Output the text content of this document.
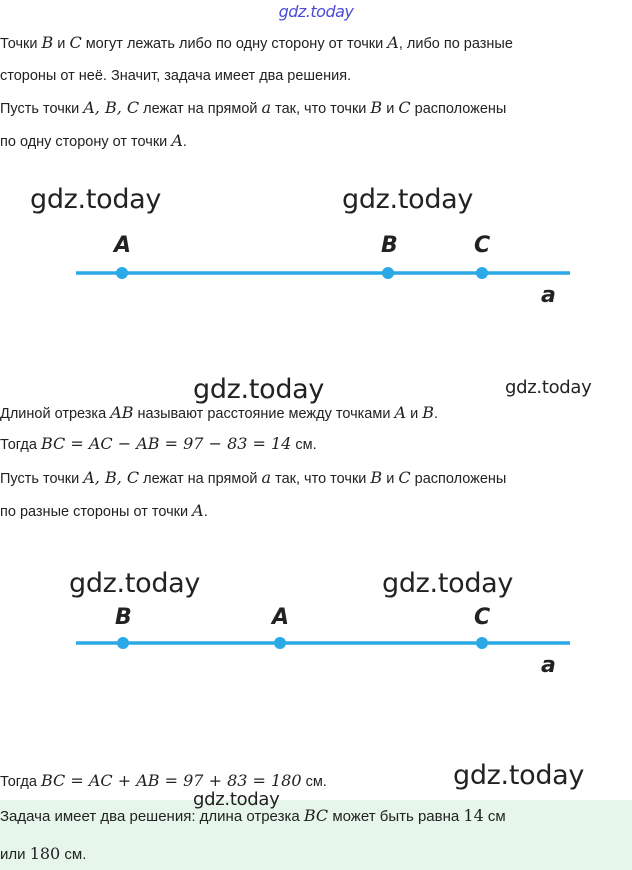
gdz.today
Точки B и C могут лежать либо по одну сторону от точки A, либо по разные
стороны от неё. Значит, задача имеет два решения.
Пусть точки A, B, C лежат на прямой a так, что точки B и C расположены
по одну сторону от точки A.
gdz.today	gdz.today
A	B	C
a
gdz.today	gdz.today
Длиной отрезка AB называют расстояние между точками A и B.
Тогда BC = AC − AB = 97 − 83 = 14 см.
Пусть точки A, B, C лежат на прямой a так, что точки B и C расположены
по разные стороны от точки A.
gdz.today	gdz.today
B	A	C
a
Тогда BC = AC + AB = 97 + 83 = 180 см.	gdz.today
gdz.today
Задача имеет два решения: длина отрезка BC может быть равна 14 см
или 180 см.
